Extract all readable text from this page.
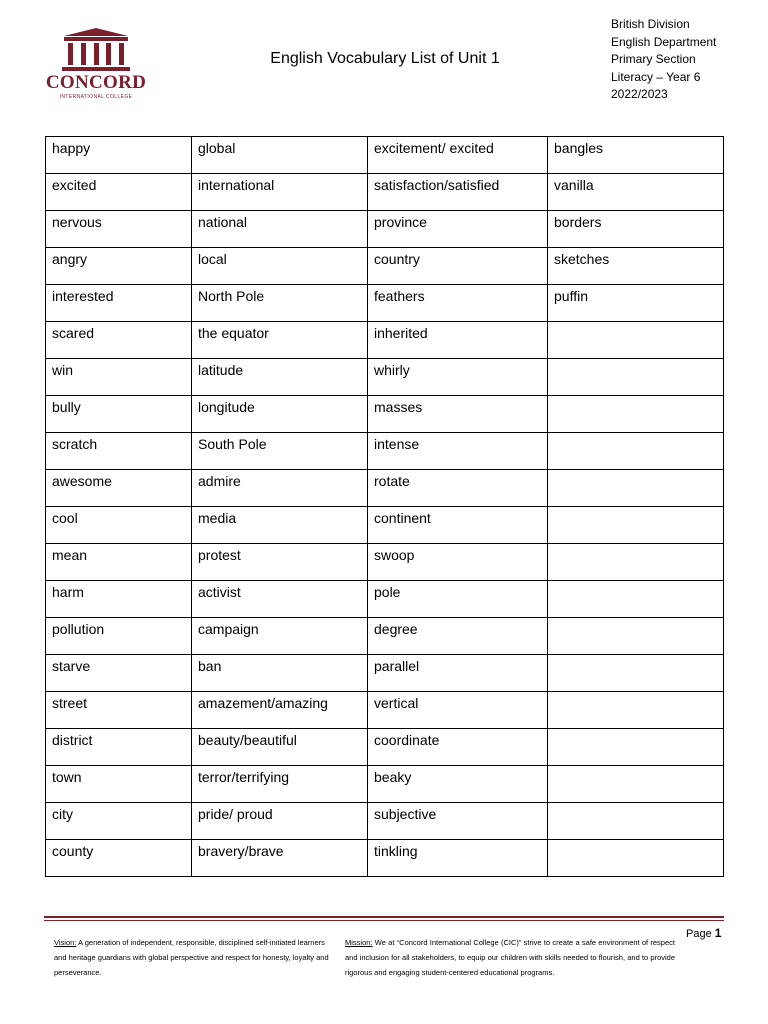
CONCORD
INTERNATIONAL COLLEGE
English Vocabulary List of Unit 1
British Division
English Department
Primary Section
Literacy – Year 6
2022/2023
happy	global	excitement/ excited	bangles
excited	international	satisfaction/satisfied	vanilla
nervous	national	province	borders
angry	local	country	sketches
interested	North Pole	feathers	puffin
scared	the equator	inherited	
win	latitude	whirly	
bully	longitude	masses	
scratch	South Pole	intense	
awesome	admire	rotate	
cool	media	continent	
mean	protest	swoop	
harm	activist	pole	
pollution	campaign	degree	
starve	ban	parallel	
street	amazement/amazing	vertical	
district	beauty/beautiful	coordinate	
town	terror/terrifying	beaky	
city	pride/ proud	subjective	
county	bravery/brave	tinkling	
Page 1
Vision: A generation of independent, responsible, disciplined self-initiated learners and heritage guardians with global perspective and respect for honesty, loyalty and perseverance.
Mission: We at “Concord International College (CIC)” strive to create a safe environment of respect and inclusion for all stakeholders, to equip our children with skills needed to flourish, and to provide rigorous and engaging student-centered educational programs.
